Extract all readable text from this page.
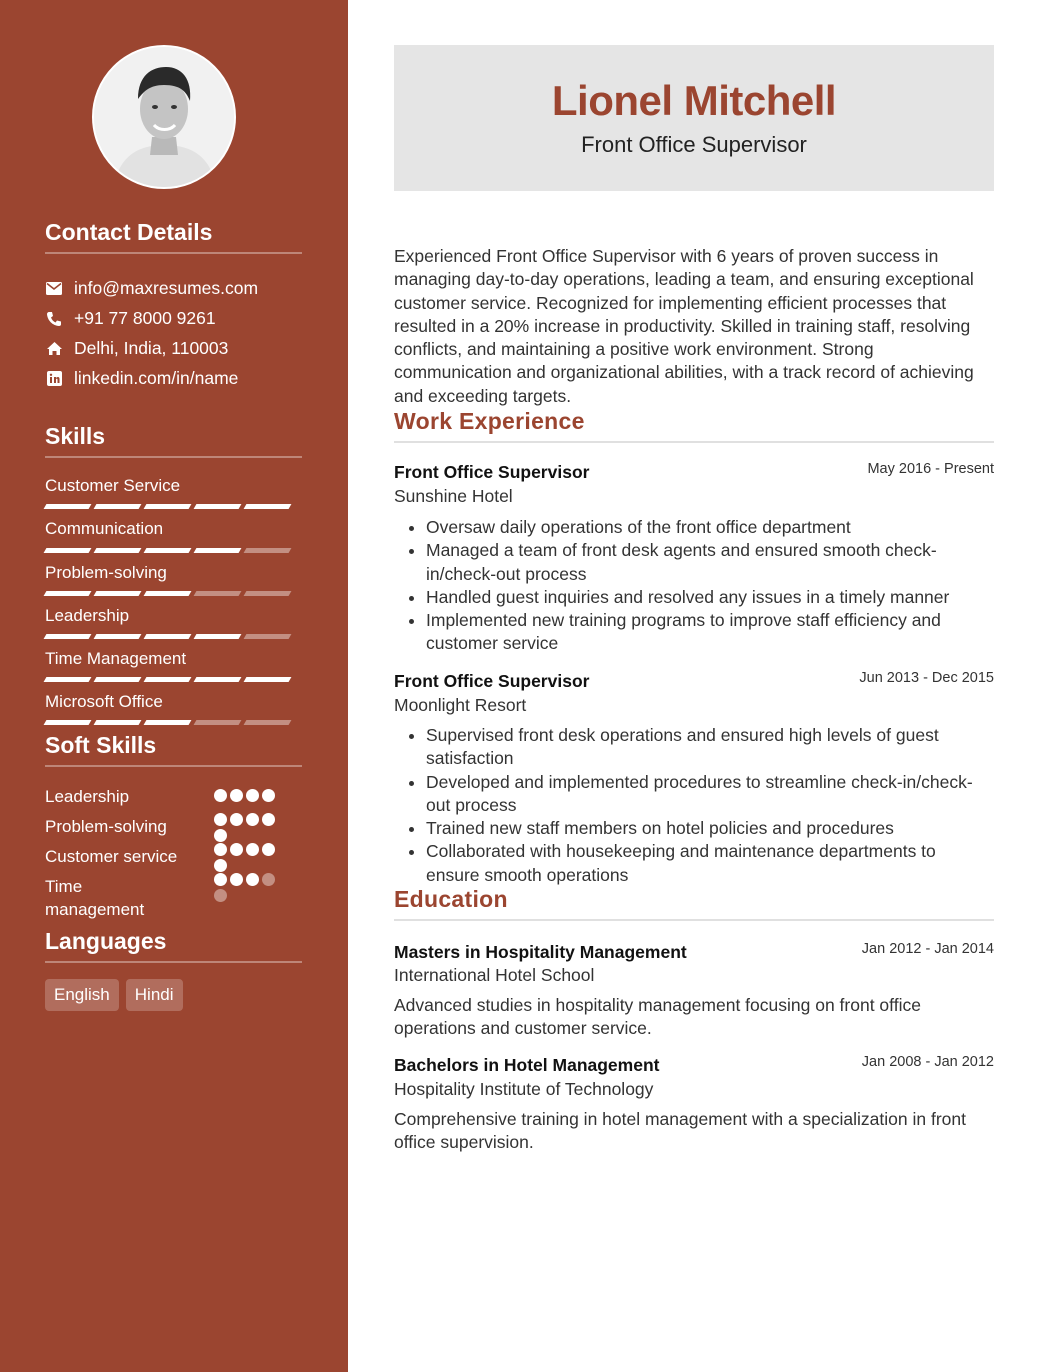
Contact Details
info@maxresumes.com
+91 77 8000 9261
Delhi, India, 110003
linkedin.com/in/name
Skills
Customer Service
Communication
Problem-solving
Leadership
Time Management
Microsoft Office
Soft Skills
Leadership
Problem-solving
Customer service
Time management
Languages
English	Hindi
Lionel Mitchell
Front Office Supervisor
Experienced Front Office Supervisor with 6 years of proven success in managing day-to-day operations, leading a team, and ensuring exceptional customer service. Recognized for implementing efficient processes that resulted in a 20% increase in productivity. Skilled in training staff, resolving conflicts, and maintaining a positive work environment. Strong communication and organizational abilities, with a track record of achieving and exceeding targets.
Work Experience
Front Office Supervisor	May 2016 - Present
Sunshine Hotel
• Oversaw daily operations of the front office department
• Managed a team of front desk agents and ensured smooth check-in/check-out process
• Handled guest inquiries and resolved any issues in a timely manner
• Implemented new training programs to improve staff efficiency and customer service
Front Office Supervisor	Jun 2013 - Dec 2015
Moonlight Resort
• Supervised front desk operations and ensured high levels of guest satisfaction
• Developed and implemented procedures to streamline check-in/check-out process
• Trained new staff members on hotel policies and procedures
• Collaborated with housekeeping and maintenance departments to ensure smooth operations
Education
Masters in Hospitality Management	Jan 2012 - Jan 2014
International Hotel School
Advanced studies in hospitality management focusing on front office operations and customer service.
Bachelors in Hotel Management	Jan 2008 - Jan 2012
Hospitality Institute of Technology
Comprehensive training in hotel management with a specialization in front office supervision.
